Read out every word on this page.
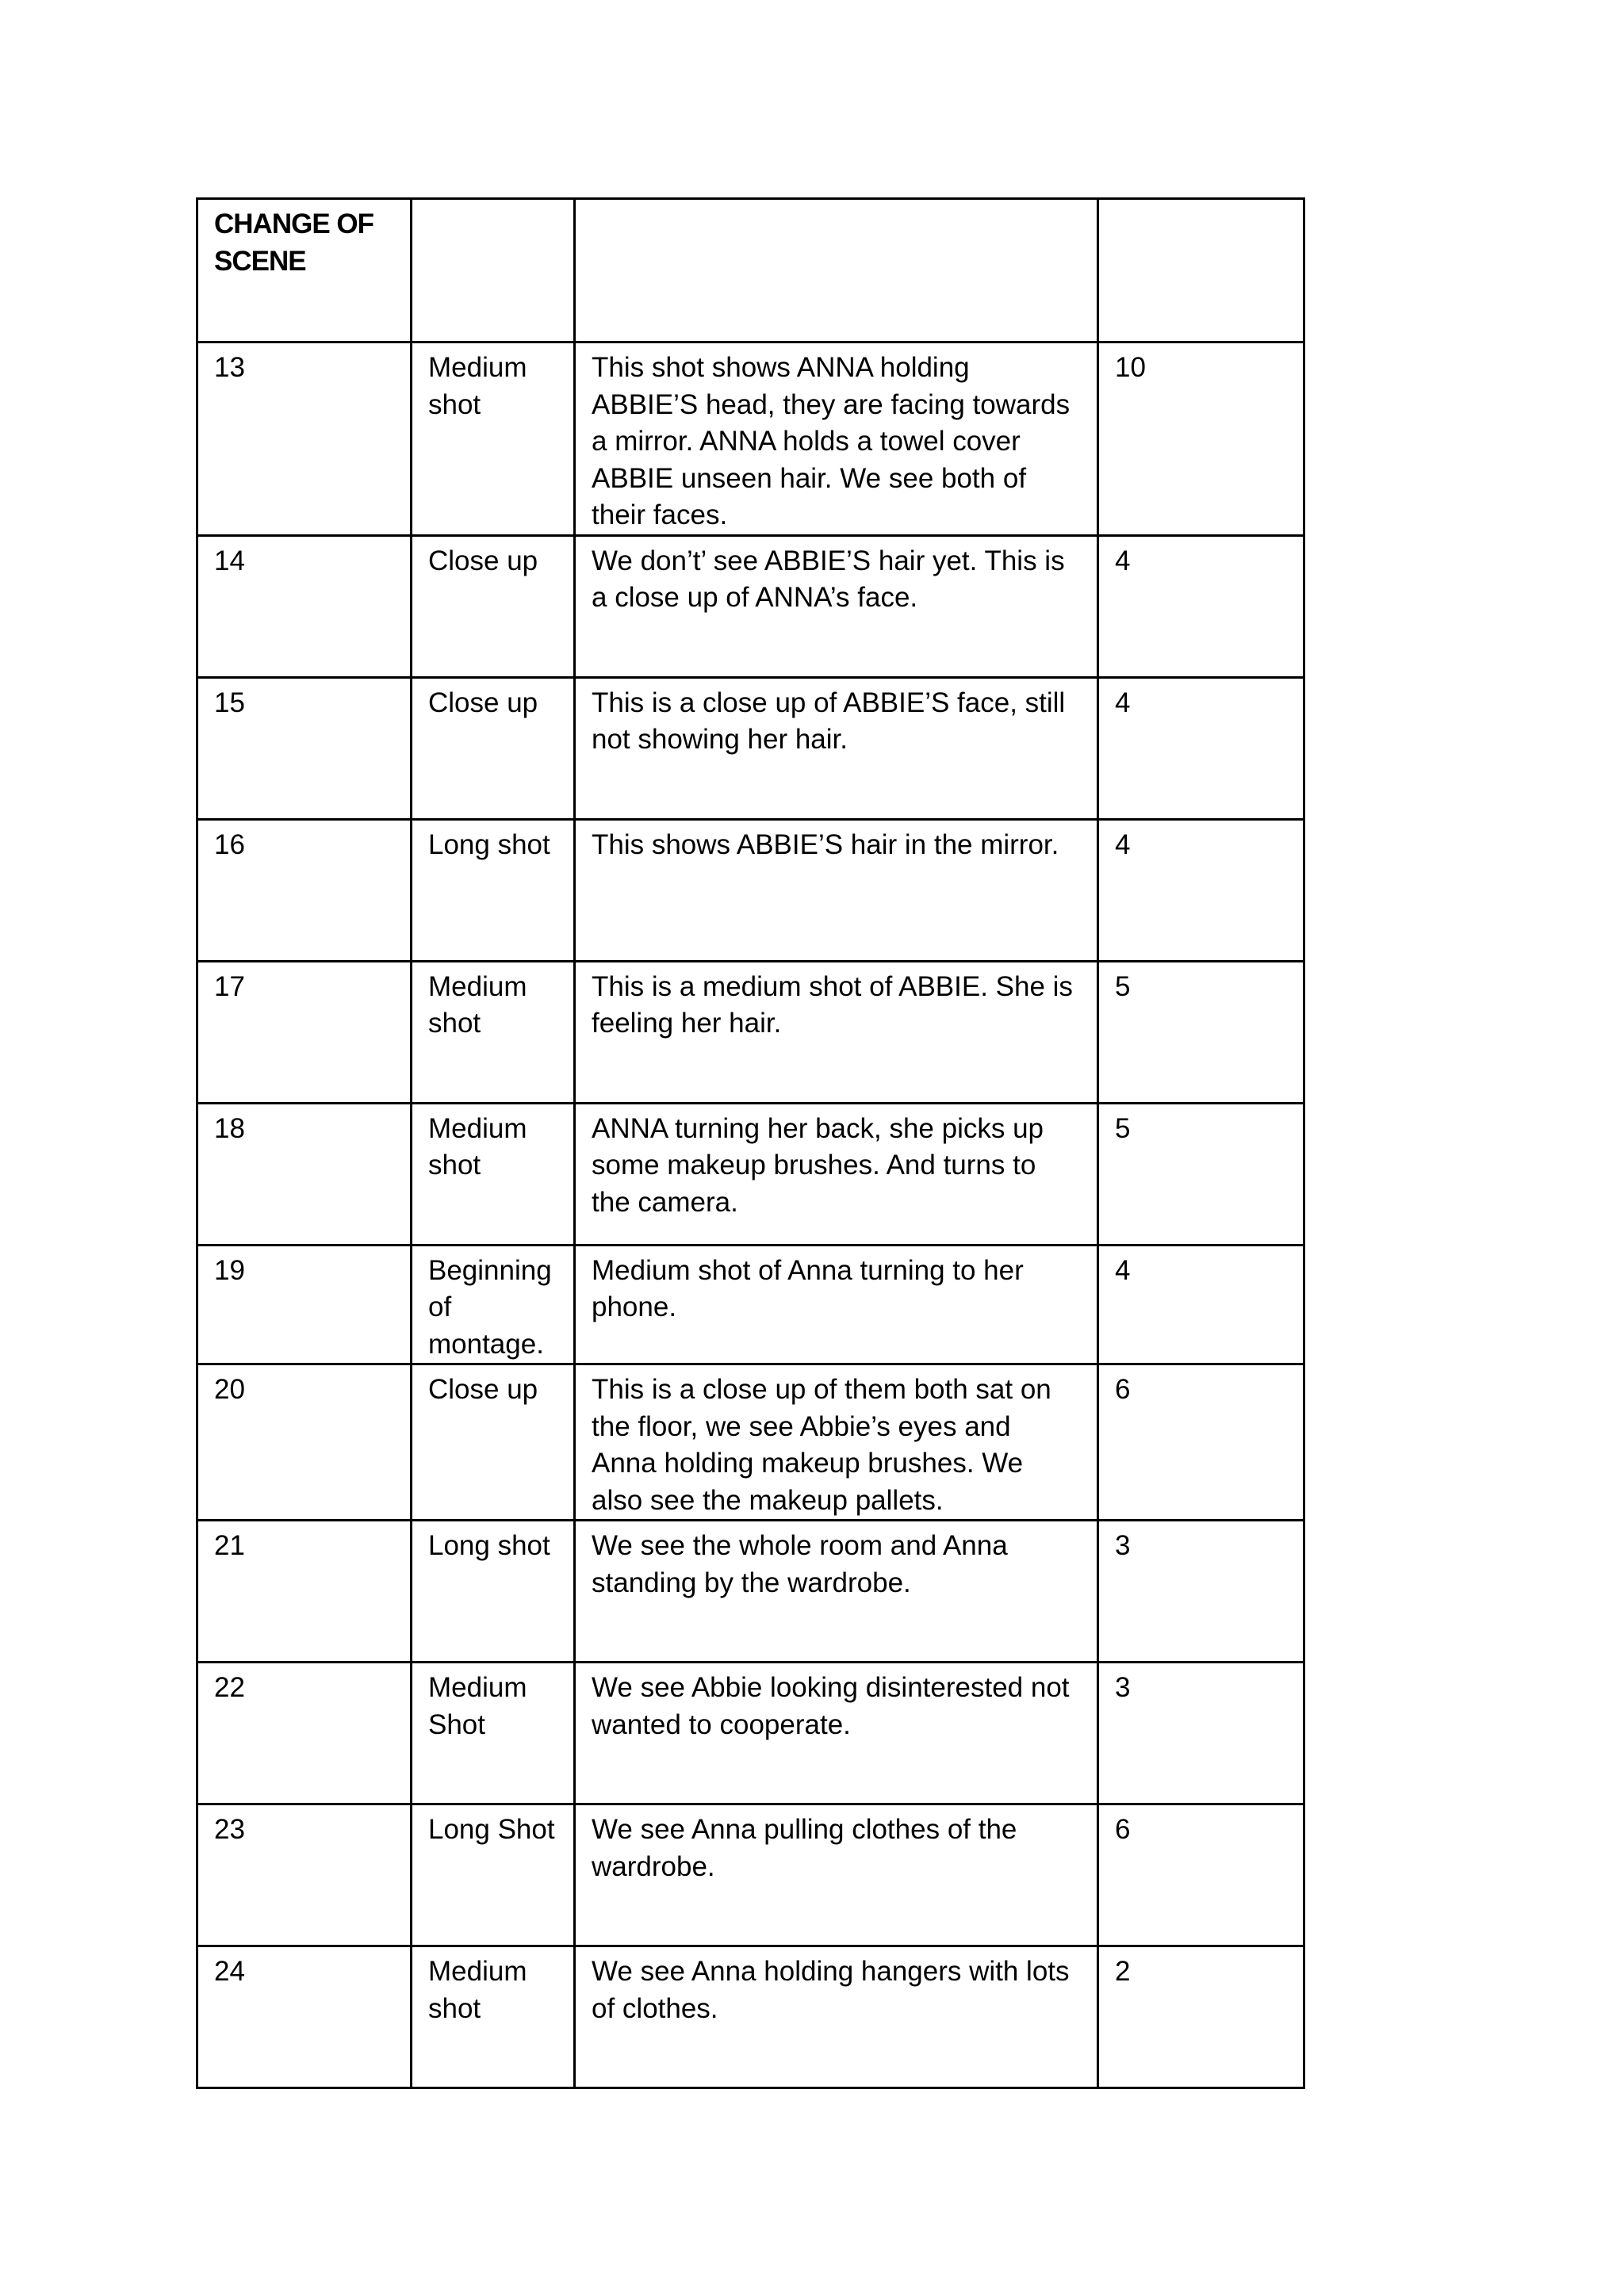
CHANGE OF SCENE			
13	Medium shot	This shot shows ANNA holding ABBIE’S head, they are facing towards a mirror. ANNA holds a towel cover ABBIE unseen hair. We see both of their faces.	10
14	Close up	We don’t’ see ABBIE’S hair yet. This is a close up of ANNA’s face.	4
15	Close up	This is a close up of ABBIE’S face, still not showing her hair.	4
16	Long shot	This shows ABBIE’S hair in the mirror.	4
17	Medium shot	This is a medium shot of ABBIE. She is feeling her hair.	5
18	Medium shot	ANNA turning her back, she picks up some makeup brushes. And turns to the camera.	5
19	Beginning of montage.	Medium shot of Anna turning to her phone.	4
20	Close up	This is a close up of them both sat on the floor, we see Abbie’s eyes and Anna holding makeup brushes. We also see the makeup pallets.	6
21	Long shot	We see the whole room and Anna standing by the wardrobe.	3
22	Medium Shot	We see Abbie looking disinterested not wanted to cooperate.	3
23	Long Shot	We see Anna pulling clothes of the wardrobe.	6
24	Medium shot	We see Anna holding hangers with lots of clothes.	2
